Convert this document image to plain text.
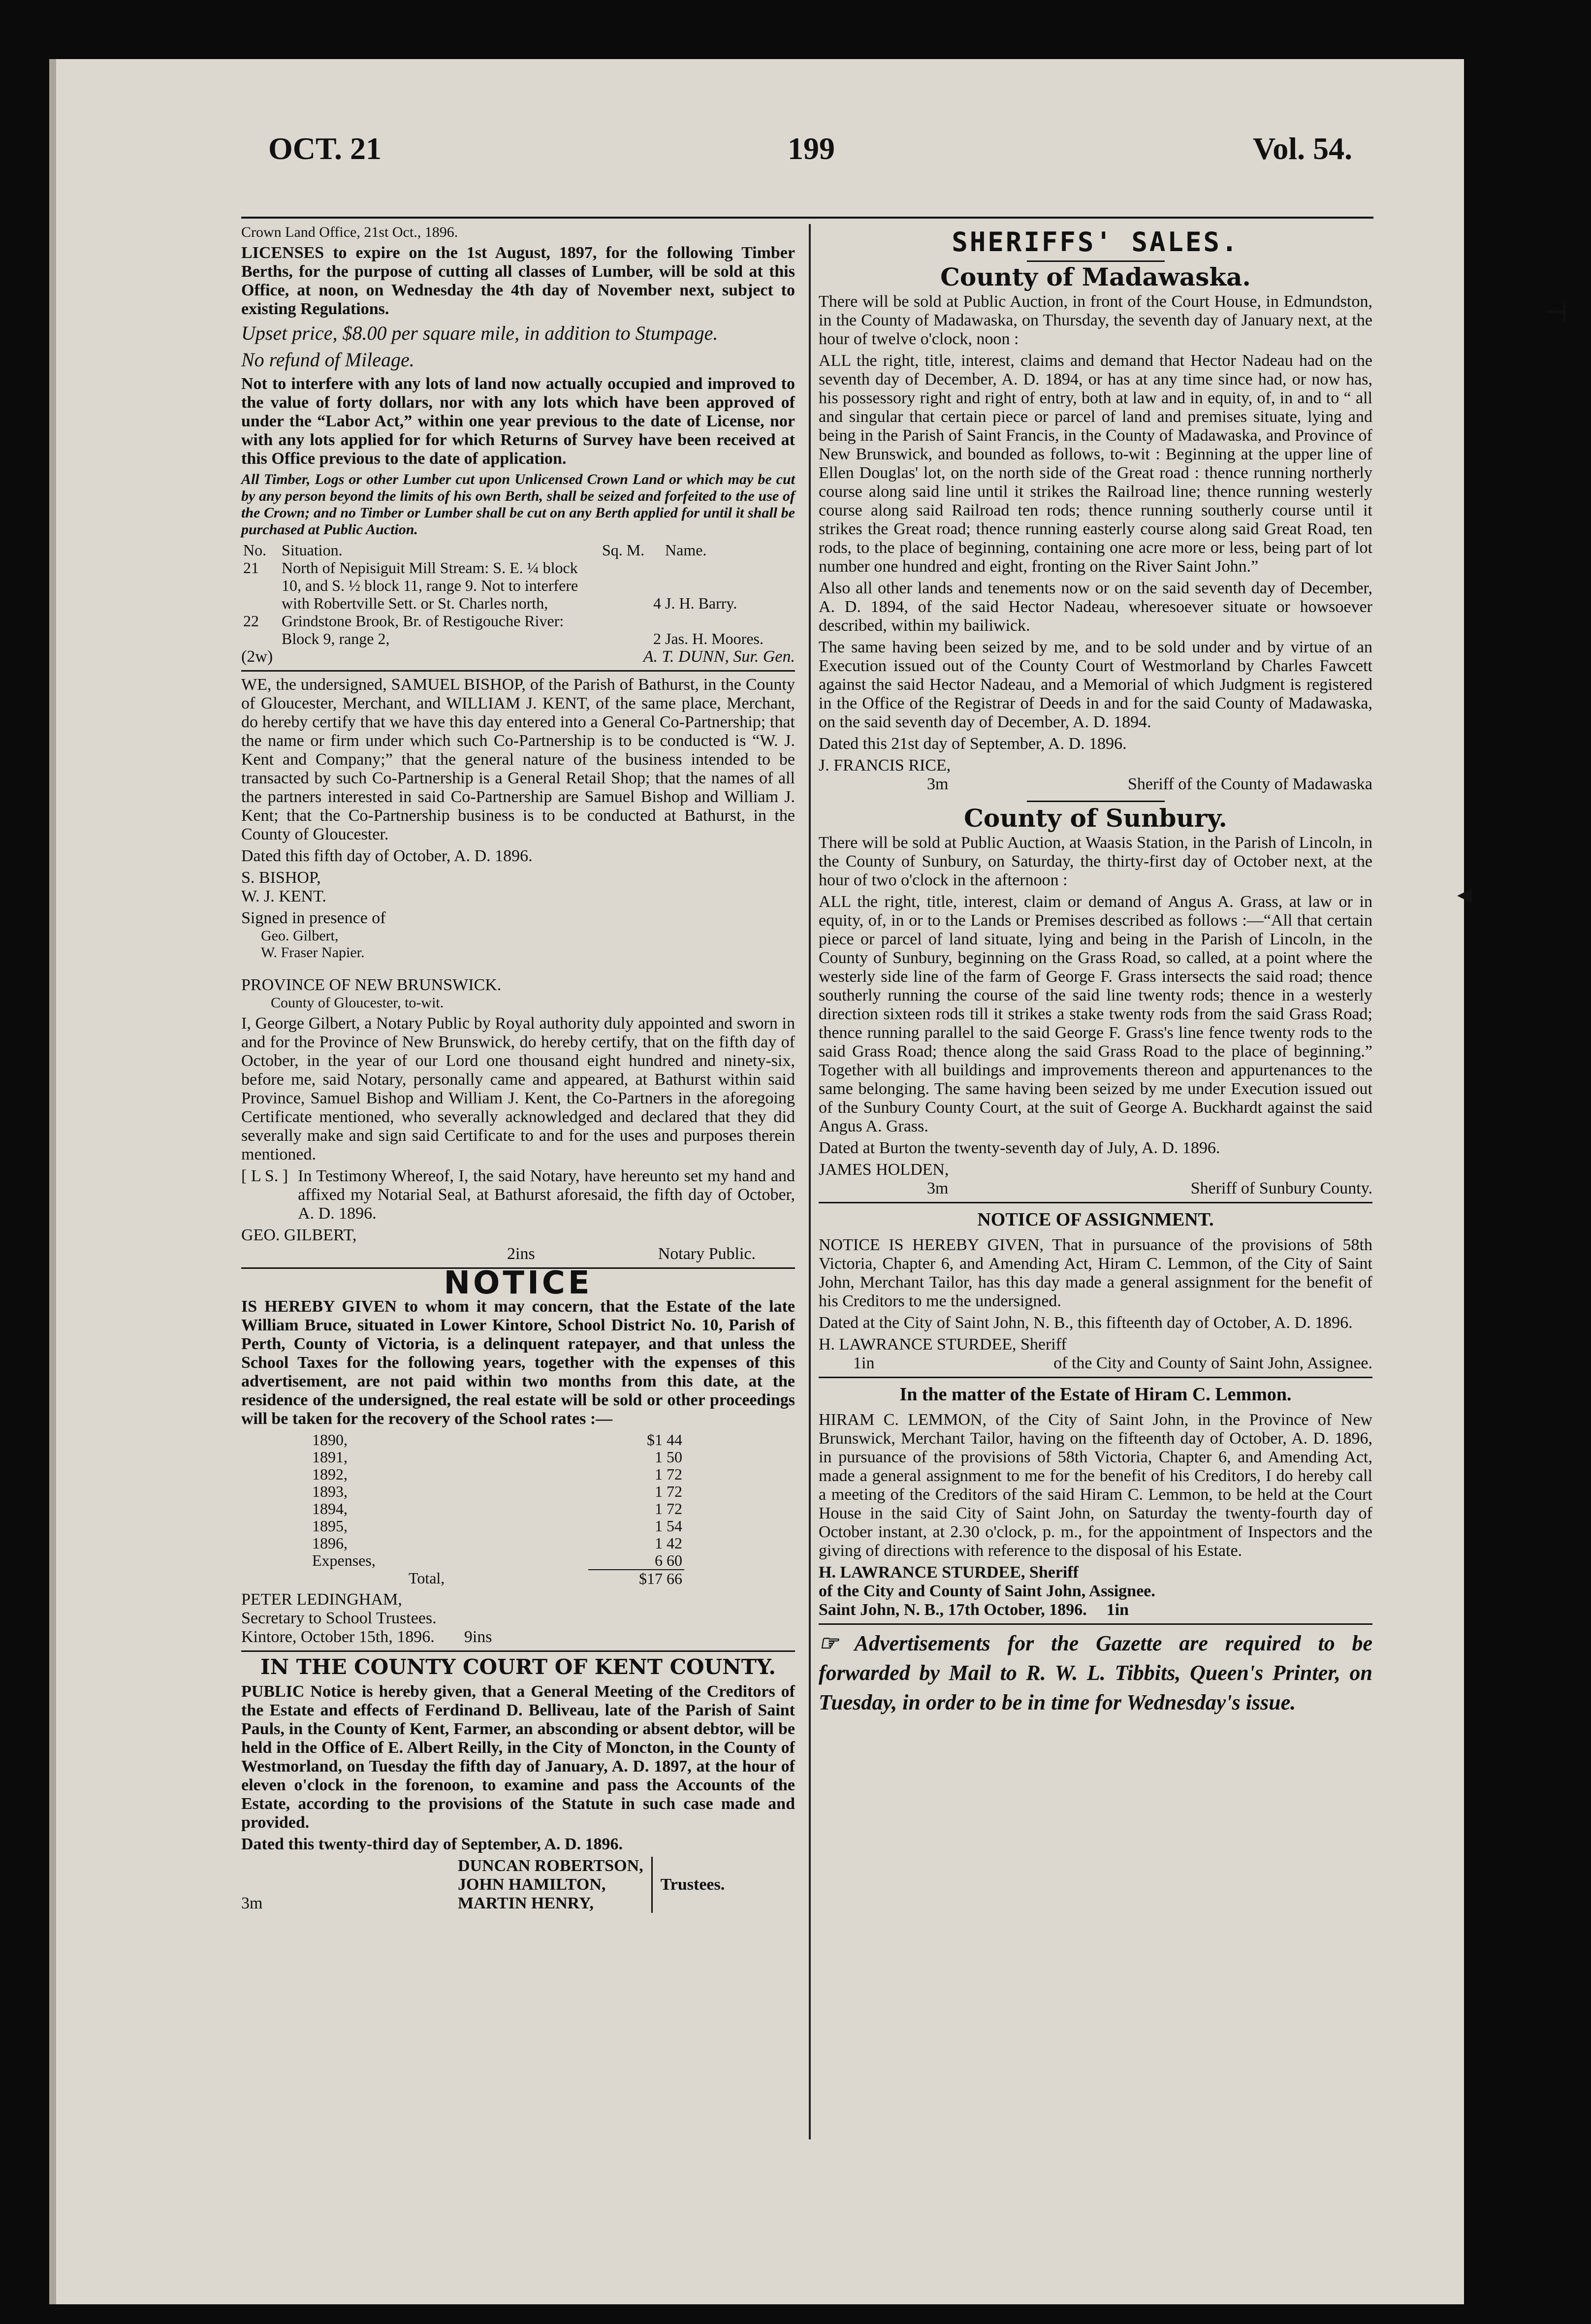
OCT. 21	199	Vol. 54.
⊣
◂

Crown Land Office, 21st Oct., 1896.

LICENSES to expire on the 1st August, 1897, for the following Timber Berths, for the purpose of cutting all classes of Lumber, will be sold at this Office, at noon, on Wednesday the 4th day of November next, subject to existing Regulations.

Upset price, $8.00 per square mile, in addition to Stumpage.

No refund of Mileage.

Not to interfere with any lots of land now actually occupied and improved to the value of forty dollars, nor with any lots which have been approved of under the “Labor Act,” within one year previous to the date of License, nor with any lots applied for for which Returns of Survey have been received at this Office previous to the date of application.

All Timber, Logs or other Lumber cut upon Unlicensed Crown Land or which may be cut by any person beyond the limits of his own Berth, shall be seized and forfeited to the use of the Crown; and no Timber or Lumber shall be cut on any Berth applied for until it shall be purchased at Public Auction.

No.	Situation.	Sq. M.	Name.
21	North of Nepisiguit Mill Stream: S. E. ¼ block 10, and S. ½ block 11, range 9. Not to interfere with Robertville Sett. or St. Charles north,	4	J. H. Barry.
22	Grindstone Brook, Br. of Restigouche River: Block 9, range 2,	2	Jas. H. Moores.
(2w)	A. T. DUNN, Sur. Gen.

WE, the undersigned, SAMUEL BISHOP, of the Parish of Bathurst, in the County of Gloucester, Merchant, and WILLIAM J. KENT, of the same place, Merchant, do hereby certify that we have this day entered into a General Co-Partnership; that the name or firm under which such Co-Partnership is to be conducted is “W. J. Kent and Company;” that the general nature of the business intended to be transacted by such Co-Partnership is a General Retail Shop; that the names of all the partners interested in said Co-Partnership are Samuel Bishop and William J. Kent; that the Co-Partnership business is to be conducted at Bathurst, in the County of Gloucester.

Dated this fifth day of October, A. D. 1896.

S. BISHOP,

W. J. KENT.

Signed in presence of

Geo. Gilbert,

W. Fraser Napier.

PROVINCE OF NEW BRUNSWICK.

County of Gloucester, to-wit.

I, George Gilbert, a Notary Public by Royal authority duly appointed and sworn in and for the Province of New Brunswick, do hereby certify, that on the fifth day of October, in the year of our Lord one thousand eight hundred and ninety-six, before me, said Notary, personally came and appeared, at Bathurst within said Province, Samuel Bishop and William J. Kent, the Co-Partners in the aforegoing Certificate mentioned, who severally acknowledged and declared that they did severally make and sign said Certificate to and for the uses and purposes therein mentioned.

[ L S. ] In Testimony Whereof, I, the said Notary, have hereunto set my hand and affixed my Notarial Seal, at Bathurst aforesaid, the fifth day of October, A. D. 1896.

GEO. GILBERT,

2ins	Notary Public.
NOTICE

IS HEREBY GIVEN to whom it may concern, that the Estate of the late William Bruce, situated in Lower Kintore, School District No. 10, Parish of Perth, County of Victoria, is a delinquent ratepayer, and that unless the School Taxes for the following years, together with the expenses of this advertisement, are not paid within two months from this date, at the residence of the undersigned, the real estate will be sold or other proceedings will be taken for the recovery of the School rates :—

1890,	$1 44
1891,	1 50
1892,	1 72
1893,	1 72
1894,	1 72
1895,	1 54
1896,	1 42
Expenses,	6 60
Total,	$17 66

PETER LEDINGHAM,

Secretary to School Trustees.

Kintore, October 15th, 1896. 9ins
IN THE COUNTY COURT OF KENT COUNTY.

PUBLIC Notice is hereby given, that a General Meeting of the Creditors of the Estate and effects of Ferdinand D. Belliveau, late of the Parish of Saint Pauls, in the County of Kent, Farmer, an absconding or absent debtor, will be held in the Office of E. Albert Reilly, in the City of Moncton, in the County of Westmorland, on Tuesday the fifth day of January, A. D. 1897, at the hour of eleven o'clock in the forenoon, to examine and pass the Accounts of the Estate, according to the provisions of the Statute in such case made and provided.

Dated this twenty-third day of September, A. D. 1896.

DUNCAN ROBERTSON,
JOHN HAMILTON,
MARTIN HENRY,
Trustees.

3m

SHERIFFS' SALES.
County of Madawaska.

There will be sold at Public Auction, in front of the Court House, in Edmundston, in the County of Madawaska, on Thursday, the seventh day of January next, at the hour of twelve o'clock, noon :

ALL the right, title, interest, claims and demand that Hector Nadeau had on the seventh day of December, A. D. 1894, or has at any time since had, or now has, his possessory right and right of entry, both at law and in equity, of, in and to “ all and singular that certain piece or parcel of land and premises situate, lying and being in the Parish of Saint Francis, in the County of Madawaska, and Province of New Brunswick, and bounded as follows, to-wit : Beginning at the upper line of Ellen Douglas' lot, on the north side of the Great road : thence running northerly course along said line until it strikes the Railroad line; thence running westerly course along said Railroad ten rods; thence running southerly course until it strikes the Great road; thence running easterly course along said Great Road, ten rods, to the place of beginning, containing one acre more or less, being part of lot number one hundred and eight, fronting on the River Saint John.”

Also all other lands and tenements now or on the said seventh day of December, A. D. 1894, of the said Hector Nadeau, wheresoever situate or howsoever described, within my bailiwick.

The same having been seized by me, and to be sold under and by virtue of an Execution issued out of the County Court of Westmorland by Charles Fawcett against the said Hector Nadeau, and a Memorial of which Judgment is registered in the Office of the Registrar of Deeds in and for the said County of Madawaska, on the said seventh day of December, A. D. 1894.

Dated this 21st day of September, A. D. 1896.

J. FRANCIS RICE,

3m	Sheriff of the County of Madawaska
County of Sunbury.

There will be sold at Public Auction, at Waasis Station, in the Parish of Lincoln, in the County of Sunbury, on Saturday, the thirty-first day of October next, at the hour of two o'clock in the afternoon :

ALL the right, title, interest, claim or demand of Angus A. Grass, at law or in equity, of, in or to the Lands or Premises described as follows :—“All that certain piece or parcel of land situate, lying and being in the Parish of Lincoln, in the County of Sunbury, beginning on the Grass Road, so called, at a point where the westerly side line of the farm of George F. Grass intersects the said road; thence southerly running the course of the said line twenty rods; thence in a westerly direction sixteen rods till it strikes a stake twenty rods from the said Grass Road; thence running parallel to the said George F. Grass's line fence twenty rods to the said Grass Road; thence along the said Grass Road to the place of beginning.” Together with all buildings and improvements thereon and appurtenances to the same belonging. The same having been seized by me under Execution issued out of the Sunbury County Court, at the suit of George A. Buckhardt against the said Angus A. Grass.

Dated at Burton the twenty-seventh day of July, A. D. 1896.

JAMES HOLDEN,

3m	Sheriff of Sunbury County.
NOTICE OF ASSIGNMENT.

NOTICE IS HEREBY GIVEN, That in pursuance of the provisions of 58th Victoria, Chapter 6, and Amending Act, Hiram C. Lemmon, of the City of Saint John, Merchant Tailor, has this day made a general assignment for the benefit of his Creditors to me the undersigned.

Dated at the City of Saint John, N. B., this fifteenth day of October, A. D. 1896.

H. LAWRANCE STURDEE, Sheriff

1in	of the City and County of Saint John, Assignee.
In the matter of the Estate of Hiram C. Lemmon.

HIRAM C. LEMMON, of the City of Saint John, in the Province of New Brunswick, Merchant Tailor, having on the fifteenth day of October, A. D. 1896, in pursuance of the provisions of 58th Victoria, Chapter 6, and Amending Act, made a general assignment to me for the benefit of his Creditors, I do hereby call a meeting of the Creditors of the said Hiram C. Lemmon, to be held at the Court House in the said City of Saint John, on Saturday the twenty-fourth day of October instant, at 2.30 o'clock, p. m., for the appointment of Inspectors and the giving of directions with reference to the disposal of his Estate.

H. LAWRANCE STURDEE, Sheriff

of the City and County of Saint John, Assignee.

Saint John, N. B., 17th October, 1896. 1in

☞ Advertisements for the Gazette are required to be forwarded by Mail to R. W. L. Tibbits, Queen's Printer, on Tuesday, in order to be in time for Wednesday's issue.
